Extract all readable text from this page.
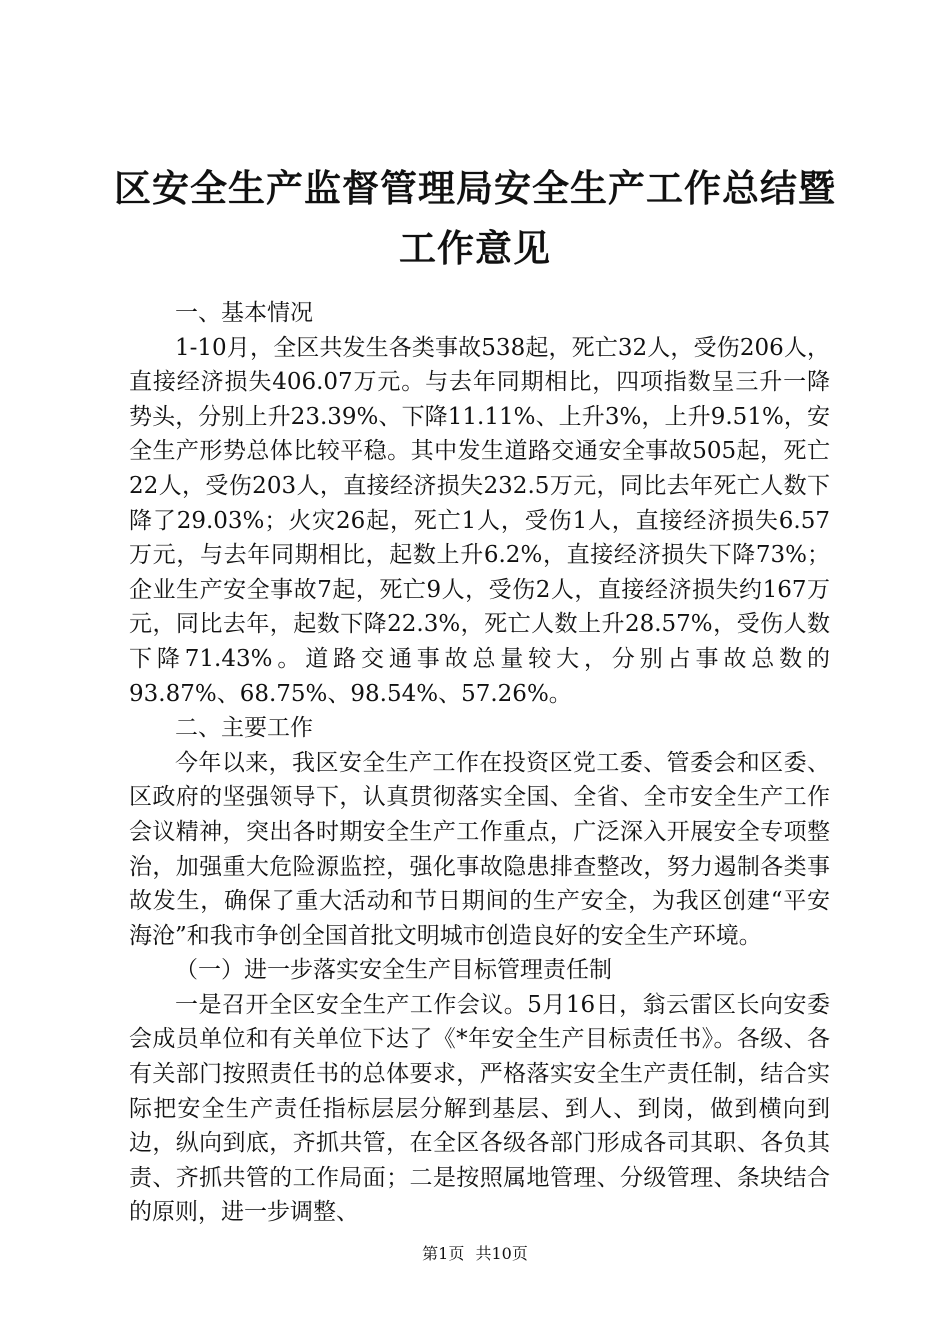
区安全生产监督管理局安全生产工作总结暨工作意见

一、基本情况

1-10月，全区共发生各类事故538起，死亡32人，受伤206人，直接经济损失406.07万元。与去年同期相比，四项指数呈三升一降势头，分别上升23.39%、下降11.11%、上升3%，上升9.51%，安全生产形势总体比较平稳。其中发生道路交通安全事故505起，死亡22人，受伤203人，直接经济损失232.5万元，同比去年死亡人数下降了29.03%；火灾26起，死亡1人，受伤1人，直接经济损失6.57万元，与去年同期相比，起数上升6.2%，直接经济损失下降73%；企业生产安全事故7起，死亡9人，受伤2人，直接经济损失约167万元，同比去年，起数下降22.3%，死亡人数上升28.57%，受伤人数下降71.43%。道路交通事故总量较大，分别占事故总数的93.87%、68.75%、98.54%、57.26%。

二、主要工作

今年以来，我区安全生产工作在投资区党工委、管委会和区委、区政府的坚强领导下，认真贯彻落实全国、全省、全市安全生产工作会议精神，突出各时期安全生产工作重点，广泛深入开展安全专项整治，加强重大危险源监控，强化事故隐患排查整改，努力遏制各类事故发生，确保了重大活动和节日期间的生产安全，为我区创建“平安海沧”和我市争创全国首批文明城市创造良好的安全生产环境。

（一）进一步落实安全生产目标管理责任制

一是召开全区安全生产工作会议。5月16日，翁云雷区长向安委会成员单位和有关单位下达了《*年安全生产目标责任书》。各级、各有关部门按照责任书的总体要求，严格落实安全生产责任制，结合实际把安全生产责任指标层层分解到基层、到人、到岗，做到横向到边，纵向到底，齐抓共管，在全区各级各部门形成各司其职、各负其责、齐抓共管的工作局面；二是按照属地管理、分级管理、条块结合的原则，进一步调整、

第1页 共10页
